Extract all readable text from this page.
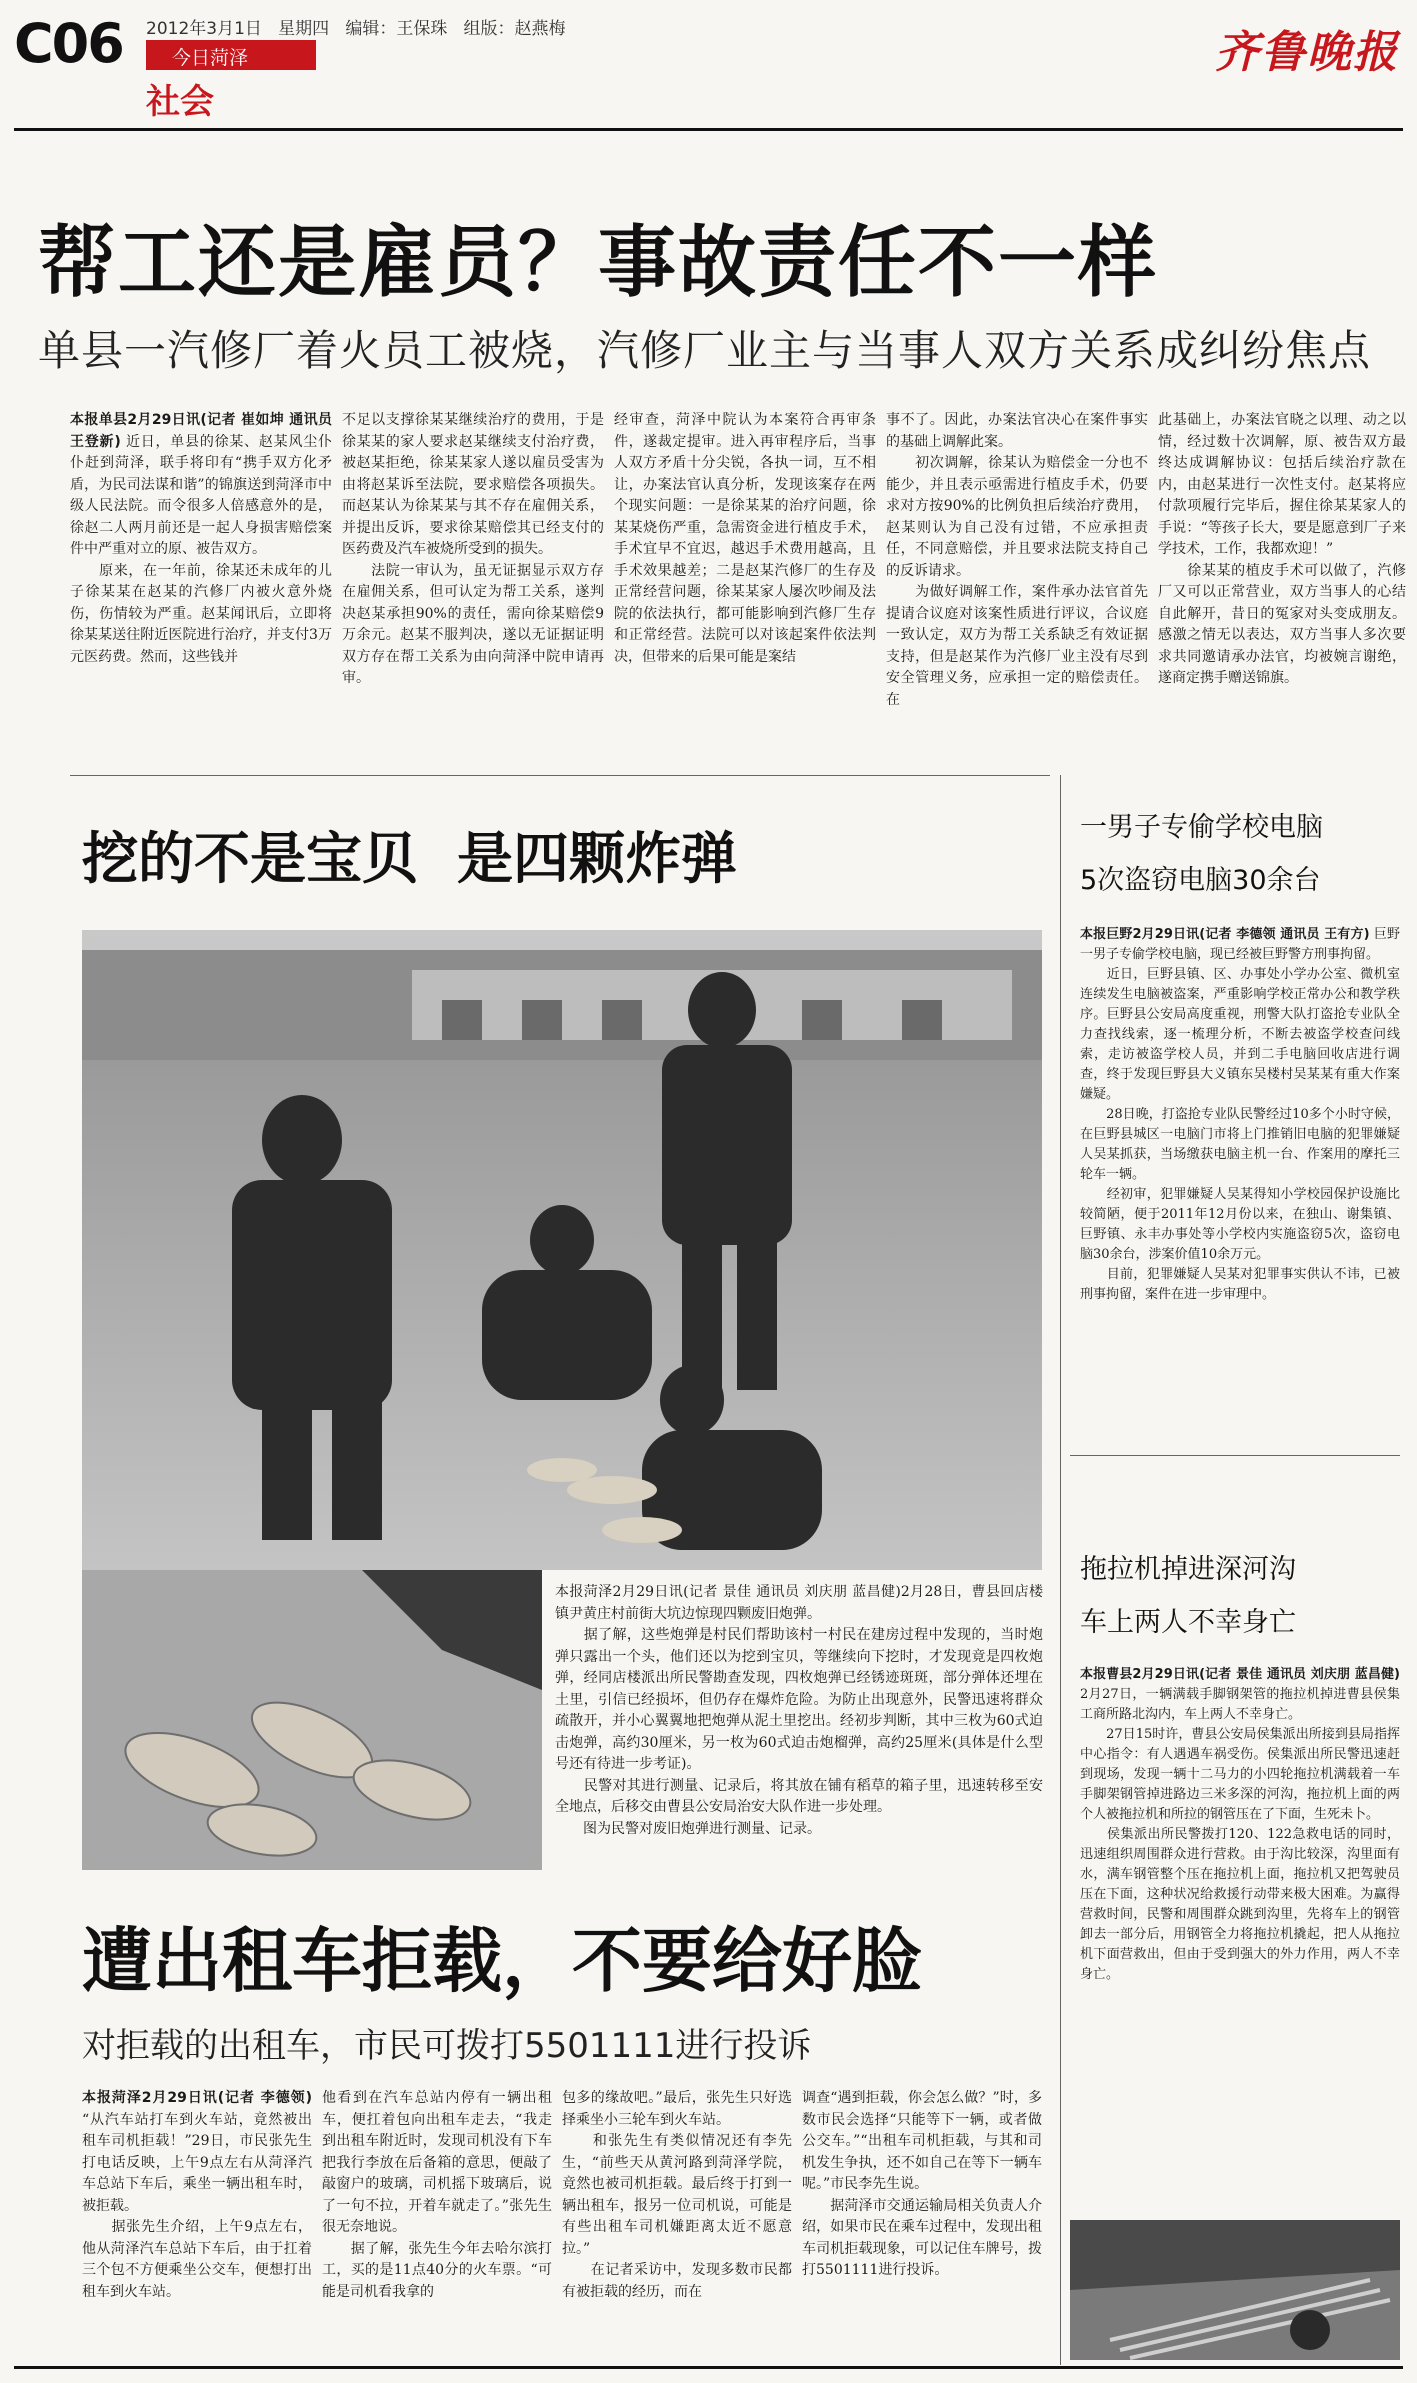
C06 2012年3月1日   星期四   编辑：王保珠   组版：赵燕梅
今日菏泽
社会
齐鲁晚报
帮工还是雇员？事故责任不一样
单县一汽修厂着火员工被烧，汽修厂业主与当事人双方关系成纠纷焦点
本报单县2月29日讯(记者 崔如坤 通讯员 王登新) 近日，单县的徐某、赵某风尘仆仆赶到菏泽，联手将印有“携手双方化矛盾，为民司法谋和谐”的锦旗送到菏泽市中级人民法院。而令很多人倍感意外的是，徐赵二人两月前还是一起人身损害赔偿案件中严重对立的原、被告双方。
　　原来，在一年前，徐某还未成年的儿子徐某某在赵某的汽修厂内被火意外烧伤，伤情较为严重。赵某闻讯后，立即将徐某某送往附近医院进行治疗，并支付3万元医药费。然而，这些钱并
不足以支撑徐某某继续治疗的费用，于是徐某某的家人要求赵某继续支付治疗费，被赵某拒绝，徐某某家人遂以雇员受害为由将赵某诉至法院，要求赔偿各项损失。而赵某认为徐某某与其不存在雇佣关系，并提出反诉，要求徐某赔偿其已经支付的医药费及汽车被烧所受到的损失。
　　法院一审认为，虽无证据显示双方存在雇佣关系，但可认定为帮工关系，遂判决赵某承担90%的责任，需向徐某赔偿9万余元。赵某不服判决，遂以无证据证明双方存在帮工关系为由向菏泽中院申请再审。
经审查，菏泽中院认为本案符合再审条件，遂裁定提审。进入再审程序后，当事人双方矛盾十分尖锐，各执一词，互不相让，办案法官认真分析，发现该案存在两个现实问题：一是徐某某的治疗问题，徐某某烧伤严重，急需资金进行植皮手术，手术宜早不宜迟，越迟手术费用越高，且手术效果越差；二是赵某汽修厂的生存及正常经营问题，徐某某家人屡次吵闹及法院的依法执行，都可能影响到汽修厂生存和正常经营。法院可以对该起案件依法判决，但带来的后果可能是案结
事不了。因此，办案法官决心在案件事实的基础上调解此案。
　　初次调解，徐某认为赔偿金一分也不能少，并且表示亟需进行植皮手术，仍要求对方按90%的比例负担后续治疗费用，赵某则认为自己没有过错，不应承担责任，不同意赔偿，并且要求法院支持自己的反诉请求。
　　为做好调解工作，案件承办法官首先提请合议庭对该案性质进行评议，合议庭一致认定，双方为帮工关系缺乏有效证据支持，但是赵某作为汽修厂业主没有尽到安全管理义务，应承担一定的赔偿责任。在
此基础上，办案法官晓之以理、动之以情，经过数十次调解，原、被告双方最终达成调解协议：包括后续治疗款在内，由赵某进行一次性支付。赵某将应付款项履行完毕后，握住徐某某家人的手说：“等孩子长大，要是愿意到厂子来学技术，工作，我都欢迎！”
　　徐某某的植皮手术可以做了，汽修厂又可以正常营业，双方当事人的心结自此解开，昔日的冤家对头变成朋友。感激之情无以表达，双方当事人多次要求共同邀请承办法官，均被婉言谢绝，遂商定携手赠送锦旗。
挖的不是宝贝  是四颗炸弹
本报菏泽2月29日讯(记者 景佳 通讯员 刘庆朋 蓝昌健)2月28日，曹县回店楼镇尹黄庄村前街大坑边惊现四颗废旧炮弹。
　　据了解，这些炮弹是村民们帮助该村一村民在建房过程中发现的，当时炮弹只露出一个头，他们还以为挖到宝贝，等继续向下挖时，才发现竟是四枚炮弹，经同店楼派出所民警勘查发现，四枚炮弹已经锈迹斑斑，部分弹体还埋在土里，引信已经损坏，但仍存在爆炸危险。为防止出现意外，民警迅速将群众疏散开，并小心翼翼地把炮弹从泥土里挖出。经初步判断，其中三枚为60式迫击炮弹，高约30厘米，另一枚为60式迫击炮榴弹，高约25厘米(具体是什么型号还有待进一步考证)。
　　民警对其进行测量、记录后，将其放在铺有稻草的箱子里，迅速转移至安全地点，后移交由曹县公安局治安大队作进一步处理。
　　图为民警对废旧炮弹进行测量、记录。
遭出租车拒载，不要给好脸
对拒载的出租车，市民可拨打5501111进行投诉
本报菏泽2月29日讯(记者 李德领) “从汽车站打车到火车站，竟然被出租车司机拒载！”29日，市民张先生打电话反映，上午9点左右从菏泽汽车总站下车后，乘坐一辆出租车时，被拒载。
　　据张先生介绍，上午9点左右，他从菏泽汽车总站下车后，由于扛着三个包不方便乘坐公交车，便想打出租车到火车站。
他看到在汽车总站内停有一辆出租车，便扛着包向出租车走去，“我走到出租车附近时，发现司机没有下车把我行李放在后备箱的意思，便敲了敲窗户的玻璃，司机摇下玻璃后，说了一句不拉，开着车就走了。”张先生很无奈地说。
　　据了解，张先生今年去哈尔滨打工，买的是11点40分的火车票。“可能是司机看我拿的
包多的缘故吧。”最后，张先生只好选择乘坐小三轮车到火车站。
　　和张先生有类似情况还有李先生，“前些天从黄河路到菏泽学院，竟然也被司机拒载。最后终于打到一辆出租车，报另一位司机说，可能是有些出租车司机嫌距离太近不愿意拉。”
　　在记者采访中，发现多数市民都有被拒载的经历，而在
调查“遇到拒载，你会怎么做？”时，多数市民会选择“只能等下一辆，或者做公交车。”“出租车司机拒载，与其和司机发生争执，还不如自己在等下一辆车呢。”市民李先生说。
　　据菏泽市交通运输局相关负责人介绍，如果市民在乘车过程中，发现出租车司机拒载现象，可以记住车牌号，拨打5501111进行投诉。
一男子专偷学校电脑
5次盗窃电脑30余台
本报巨野2月29日讯(记者 李德领 通讯员 王有方) 巨野一男子专偷学校电脑，现已经被巨野警方刑事拘留。
　　近日，巨野县镇、区、办事处小学办公室、微机室连续发生电脑被盗案，严重影响学校正常办公和教学秩序。巨野县公安局高度重视，刑警大队打盗抢专业队全力查找线索，逐一梳理分析，不断去被盗学校查问线索，走访被盗学校人员，并到二手电脑回收店进行调查，终于发现巨野县大义镇东吴楼村吴某某有重大作案嫌疑。
　　28日晚，打盗抢专业队民警经过10多个小时守候，在巨野县城区一电脑门市将上门推销旧电脑的犯罪嫌疑人吴某抓获，当场缴获电脑主机一台、作案用的摩托三轮车一辆。
　　经初审，犯罪嫌疑人吴某得知小学校园保护设施比较简陋，便于2011年12月份以来，在独山、谢集镇、巨野镇、永丰办事处等小学校内实施盗窃5次，盗窃电脑30余台，涉案价值10余万元。
　　目前，犯罪嫌疑人吴某对犯罪事实供认不讳，已被刑事拘留，案件在进一步审理中。
拖拉机掉进深河沟
车上两人不幸身亡
本报曹县2月29日讯(记者 景佳 通讯员 刘庆朋 蓝昌健) 2月27日，一辆满载手脚钢架管的拖拉机掉进曹县侯集工商所路北沟内，车上两人不幸身亡。
　　27日15时许，曹县公安局侯集派出所接到县局指挥中心指令：有人遇遇车祸受伤。侯集派出所民警迅速赶到现场，发现一辆十二马力的小四轮拖拉机满载着一车手脚架钢管掉进路边三米多深的河沟，拖拉机上面的两个人被拖拉机和所拉的钢管压在了下面，生死未卜。
　　侯集派出所民警拨打120、122急救电话的同时，迅速组织周围群众进行营救。由于沟比较深，沟里面有水，满车钢管整个压在拖拉机上面，拖拉机又把驾驶员压在下面，这种状况给救援行动带来极大困难。为赢得营救时间，民警和周围群众跳到沟里，先将车上的钢管卸去一部分后，用钢管全力将拖拉机撬起，把人从拖拉机下面营救出，但由于受到强大的外力作用，两人不幸身亡。
